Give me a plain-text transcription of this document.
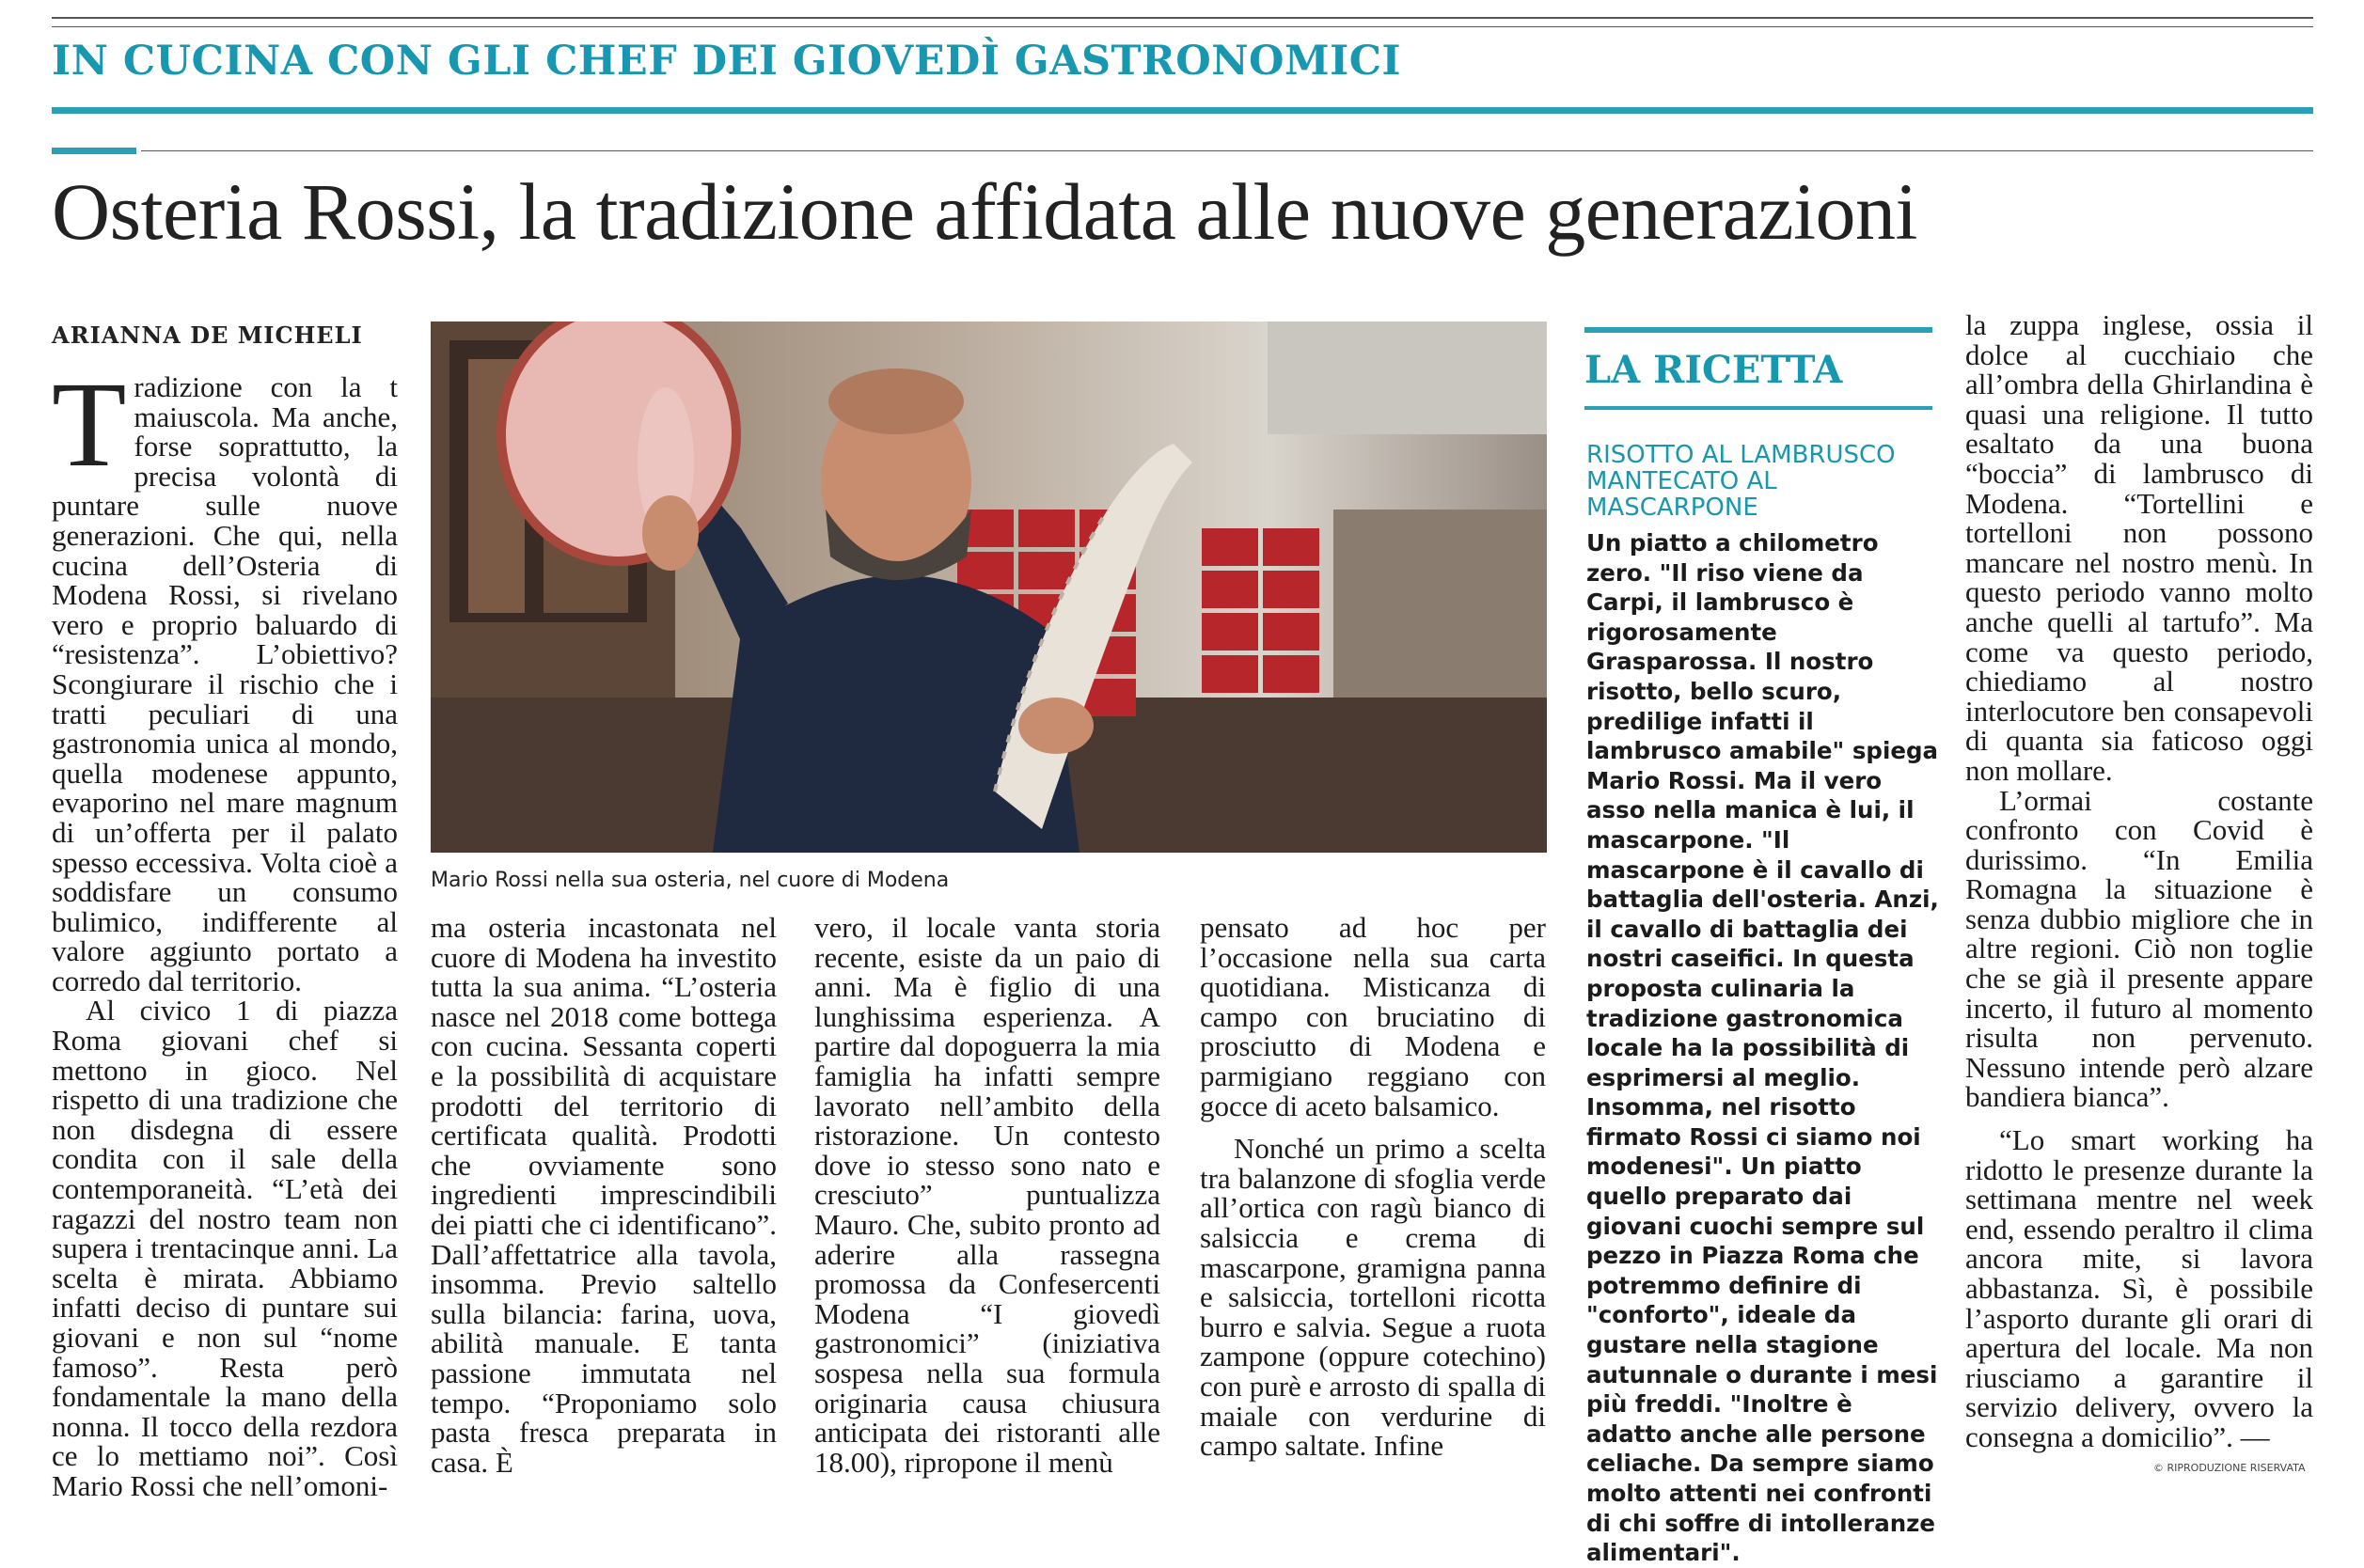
IN CUCINA CON GLI CHEF DEI GIOVEDÌ GASTRONOMICI
Osteria Rossi, la tradizione affidata alle nuove generazioni
ARIANNA DE MICHELI

Tradizione con la t maiuscola. Ma anche, forse soprattutto, la precisa volontà di puntare sulle nuove generazioni. Che qui, nella cucina dell’Osteria di Modena Rossi, si rivelano vero e proprio baluardo di “resistenza”. L’obiettivo? Scongiurare il rischio che i tratti peculiari di una gastronomia unica al mondo, quella modenese appunto, evaporino nel mare magnum di un’offerta per il palato spesso eccessiva. Volta cioè a soddisfare un consumo bulimico, indifferente al valore aggiunto portato a corredo dal territorio.

Al civico 1 di piazza Roma giovani chef si mettono in gioco. Nel rispetto di una tradizione che non disdegna di essere condita con il sale della contemporaneità. “L’età dei ragazzi del nostro team non supera i trentacinque anni. La scelta è mirata. Abbiamo infatti deciso di puntare sui giovani e non sul “nome famoso”. Resta però fondamentale la mano della nonna. Il tocco della rezdora ce lo mettiamo noi”. Così Mario Rossi che nell’omoni-

Mario Rossi nella sua osteria, nel cuore di Modena

ma osteria incastonata nel cuore di Modena ha investito tutta la sua anima. “L’osteria nasce nel 2018 come bottega con cucina. Sessanta coperti e la possibilità di acquistare prodotti del territorio di certificata qualità. Prodotti che ovviamente sono ingredienti imprescindibili dei piatti che ci identificano”. Dall’affettatrice alla tavola, insomma. Previo saltello sulla bilancia: farina, uova, abilità manuale. E tanta passione immutata nel tempo. “Proponiamo solo pasta fresca preparata in casa. È

vero, il locale vanta storia recente, esiste da un paio di anni. Ma è figlio di una lunghissima esperienza. A partire dal dopoguerra la mia famiglia ha infatti sempre lavorato nell’ambito della ristorazione. Un contesto dove io stesso sono nato e cresciuto” puntualizza Mauro. Che, subito pronto ad aderire alla rassegna promossa da Confesercenti Modena “I giovedì gastronomici” (iniziativa sospesa nella sua formula originaria causa chiusura anticipata dei ristoranti alle 18.00), ripropone il menù

pensato ad hoc per l’occasione nella sua carta quotidiana. Misticanza di campo con bruciatino di prosciutto di Modena e parmigiano reggiano con gocce di aceto balsamico.

Nonché un primo a scelta tra balanzone di sfoglia verde all’ortica con ragù bianco di salsiccia e crema di mascarpone, gramigna panna e salsiccia, tortelloni ricotta burro e salvia. Segue a ruota zampone (oppure cotechino) con purè e arrosto di spalla di maiale con verdurine di campo saltate. Infine

LA RICETTA
RISOTTO AL LAMBRUSCO MANTECATO AL MASCARPONE

Un piatto a chilometro zero. "Il riso viene da Carpi, il lambrusco è rigorosamente Grasparossa. Il nostro risotto, bello scuro, predilige infatti il lambrusco amabile" spiega Mario Rossi. Ma il vero asso nella manica è lui, il mascarpone. "Il mascarpone è il cavallo di battaglia dell'osteria. Anzi, il cavallo di battaglia dei nostri caseifici. In questa proposta culinaria la tradizione gastronomica locale ha la possibilità di esprimersi al meglio. Insomma, nel risotto firmato Rossi ci siamo noi modenesi". Un piatto quello preparato dai giovani cuochi sempre sul pezzo in Piazza Roma che potremmo definire di "conforto", ideale da gustare nella stagione autunnale o durante i mesi più freddi. "Inoltre è adatto anche alle persone celiache. Da sempre siamo molto attenti nei confronti di chi soffre di intolleranze alimentari".

la zuppa inglese, ossia il dolce al cucchiaio che all’ombra della Ghirlandina è quasi una religione. Il tutto esaltato da una buona “boccia” di lambrusco di Modena. “Tortellini e tortelloni non possono mancare nel nostro menù. In questo periodo vanno molto anche quelli al tartufo”. Ma come va questo periodo, chiediamo al nostro interlocutore ben consapevoli di quanta sia faticoso oggi non mollare.

L’ormai costante confronto con Covid è durissimo. “In Emilia Romagna la situazione è senza dubbio migliore che in altre regioni. Ciò non toglie che se già il presente appare incerto, il futuro al momento risulta non pervenuto. Nessuno intende però alzare bandiera bianca”.

“Lo smart working ha ridotto le presenze durante la settimana mentre nel week end, essendo peraltro il clima ancora mite, si lavora abbastanza. Sì, è possibile l’asporto durante gli orari di apertura del locale. Ma non riusciamo a garantire il servizio delivery, ovvero la consegna a domicilio”. —

© RIPRODUZIONE RISERVATA
